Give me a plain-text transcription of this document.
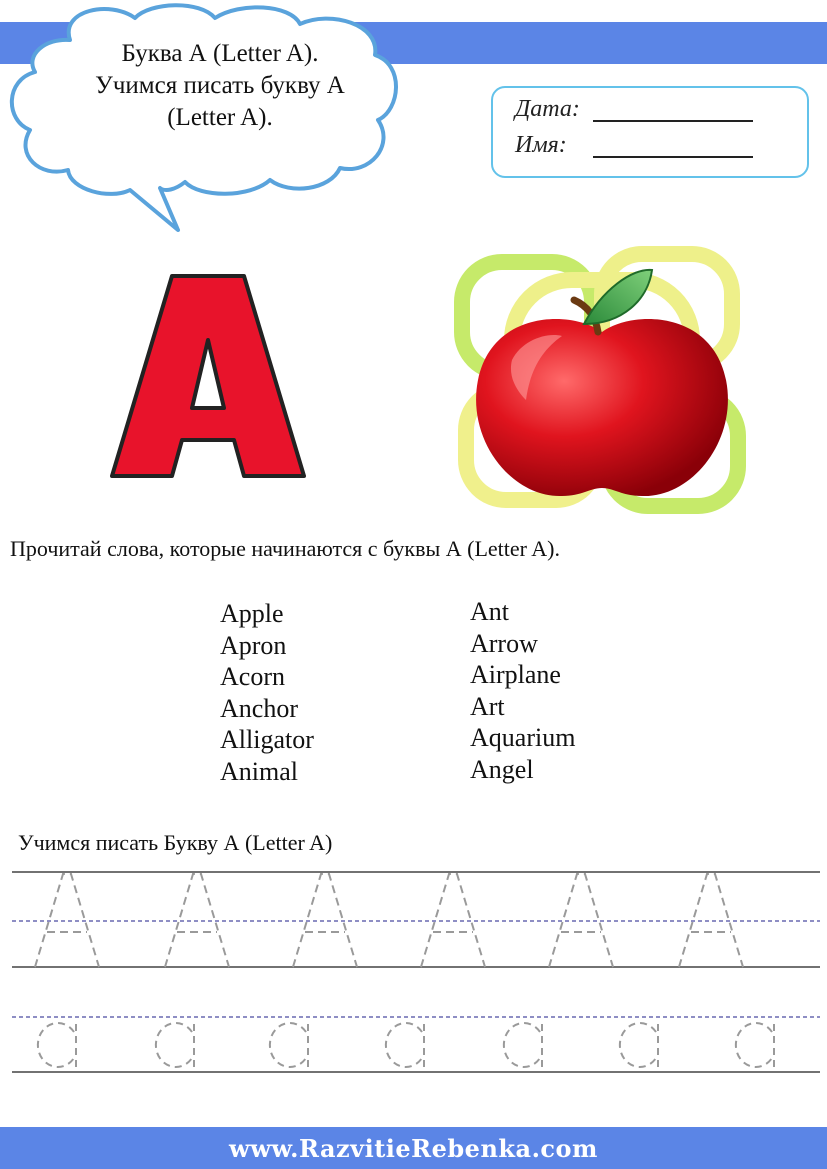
Буква А (Letter A).
Учимся писать букву А
(Letter A).	Дата:
Имя:
Прочитай слова, которые начинаются с буквы А (Letter A).
Apple
Apron
Acorn
Anchor
Alligator
Animal
Ant
Arrow
Airplane
Art
Aquarium
Angel
Учимся писать Букву А (Letter A)
www.RazvitieRebenka.com
